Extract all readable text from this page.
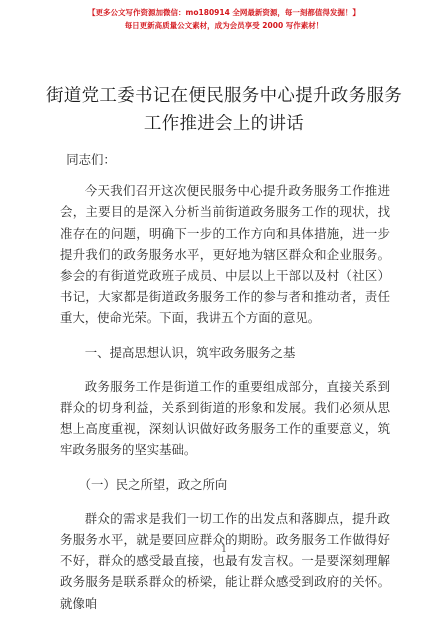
【更多公文写作资源加微信：mo180914 全网最新资源，每一刻都值得发掘！】
每日更新高质量公文素材，成为会员享受 2000 写作素材！
街道党工委书记在便民服务中心提升政务服务工作推进会上的讲话

同志们：

今天我们召开这次便民服务中心提升政务服务工作推进会，主要目的是深入分析当前街道政务服务工作的现状，找准存在的问题，明确下一步的工作方向和具体措施，进一步提升我们的政务服务水平，更好地为辖区群众和企业服务。参会的有街道党政班子成员、中层以上干部以及村（社区）书记，大家都是街道政务服务工作的参与者和推动者，责任重大，使命光荣。下面，我讲五个方面的意见。

一、提高思想认识，筑牢政务服务之基

政务服务工作是街道工作的重要组成部分，直接关系到群众的切身利益，关系到街道的形象和发展。我们必须从思想上高度重视，深刻认识做好政务服务工作的重要意义，筑牢政务服务的坚实基础。

（一）民之所望，政之所向

群众的需求是我们一切工作的出发点和落脚点，提升政务服务水平，就是要回应群众的期盼。政务服务工作做得好不好，群众的感受最直接，也最有发言权。一是要深刻理解政务服务是联系群众的桥梁，能让群众感受到政府的关怀。就像咱

1
